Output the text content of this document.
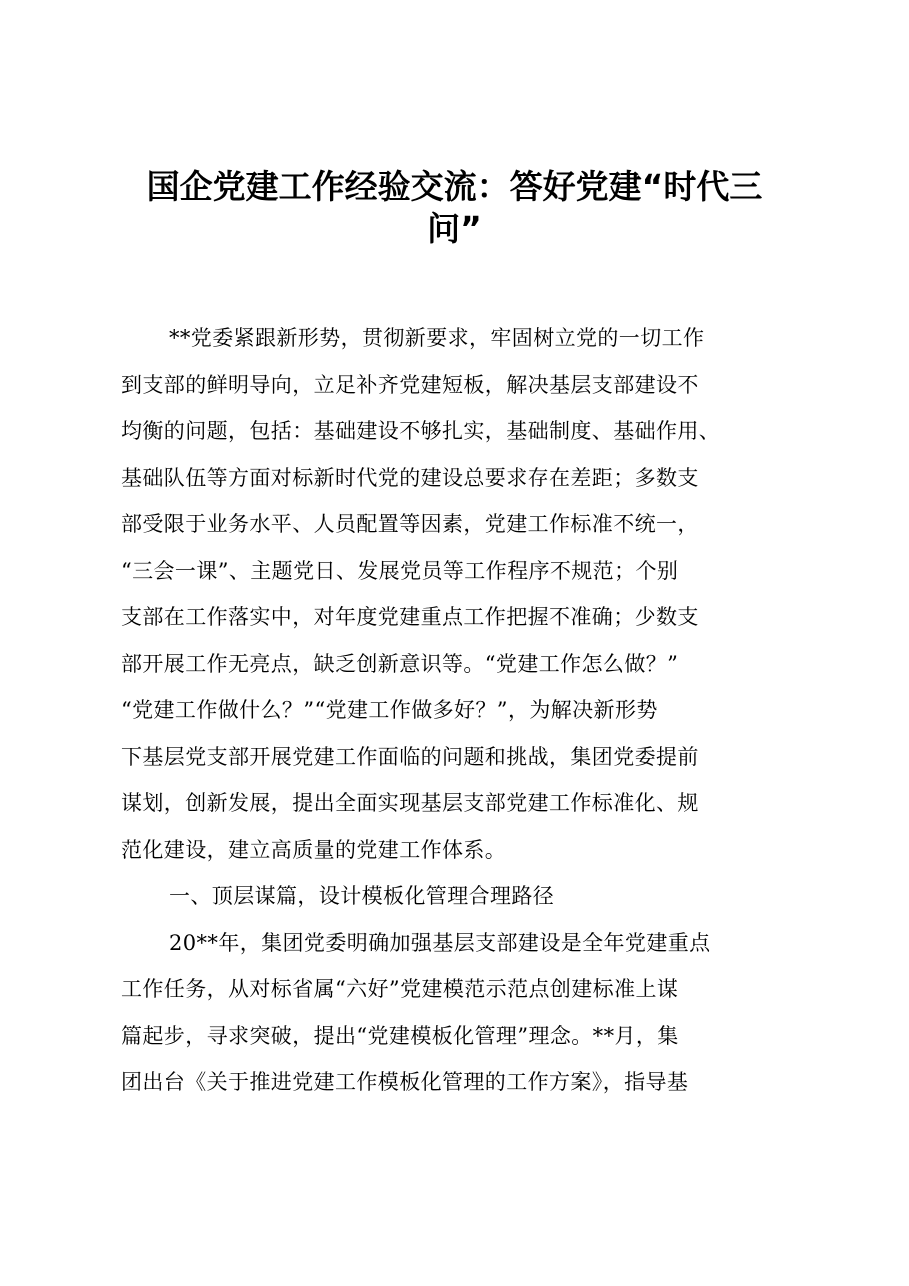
国企党建工作经验交流：答好党建“时代三
问”
**党委紧跟新形势，贯彻新要求，牢固树立党的一切工作
到支部的鲜明导向，立足补齐党建短板，解决基层支部建设不
均衡的问题，包括：基础建设不够扎实，基础制度、基础作用、
基础队伍等方面对标新时代党的建设总要求存在差距；多数支
部受限于业务水平、人员配置等因素，党建工作标准不统一，
“三会一课”、主题党日、发展党员等工作程序不规范；个别
支部在工作落实中，对年度党建重点工作把握不准确；少数支
部开展工作无亮点，缺乏创新意识等。“党建工作怎么做？”
“党建工作做什么？”“党建工作做多好？”，为解决新形势
下基层党支部开展党建工作面临的问题和挑战，集团党委提前
谋划，创新发展，提出全面实现基层支部党建工作标准化、规
范化建设，建立高质量的党建工作体系。
一、顶层谋篇，设计模板化管理合理路径
20**年，集团党委明确加强基层支部建设是全年党建重点
工作任务，从对标省属“六好”党建模范示范点创建标准上谋
篇起步，寻求突破，提出“党建模板化管理”理念。**月，集
团出台《关于推进党建工作模板化管理的工作方案》，指导基
